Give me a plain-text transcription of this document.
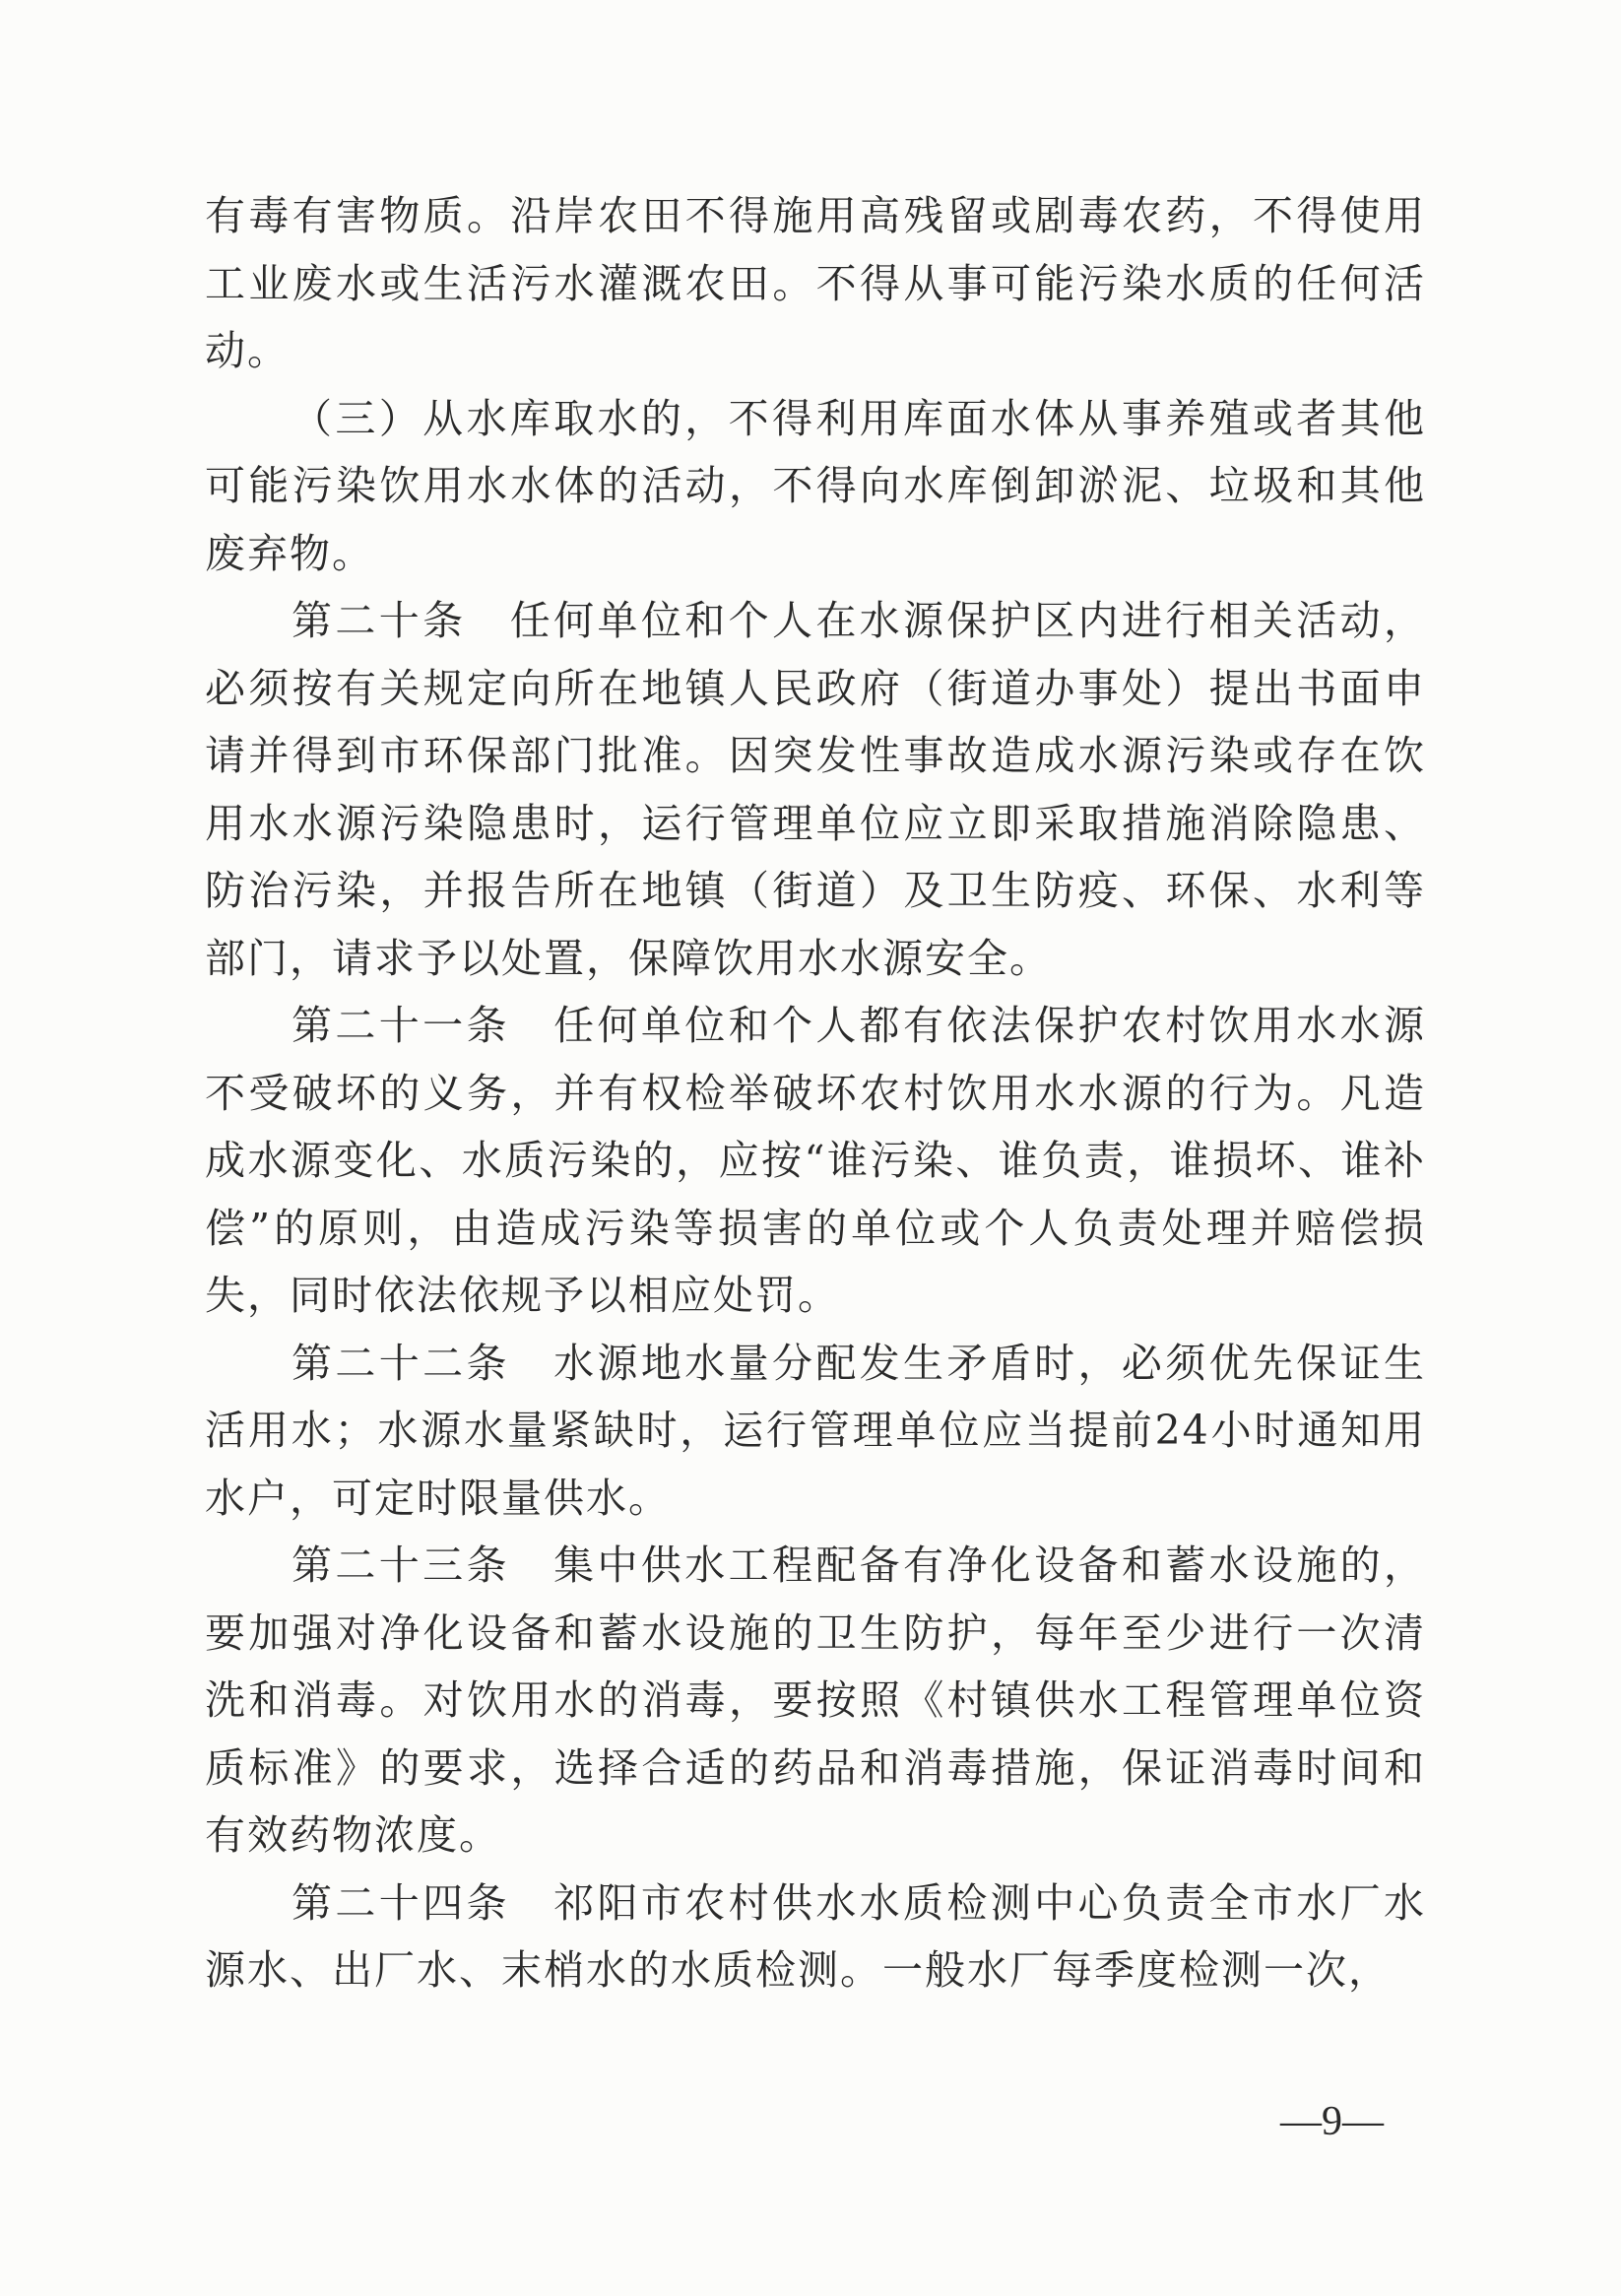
有毒有害物质。沿岸农田不得施用高残留或剧毒农药，不得使用工业废水或生活污水灌溉农田。不得从事可能污染水质的任何活动。

（三）从水库取水的，不得利用库面水体从事养殖或者其他可能污染饮用水水体的活动，不得向水库倒卸淤泥、垃圾和其他废弃物。

第二十条　任何单位和个人在水源保护区内进行相关活动，必须按有关规定向所在地镇人民政府（街道办事处）提出书面申请并得到市环保部门批准。因突发性事故造成水源污染或存在饮用水水源污染隐患时，运行管理单位应立即采取措施消除隐患、防治污染，并报告所在地镇（街道）及卫生防疫、环保、水利等部门，请求予以处置，保障饮用水水源安全。

第二十一条　任何单位和个人都有依法保护农村饮用水水源不受破坏的义务，并有权检举破坏农村饮用水水源的行为。凡造成水源变化、水质污染的，应按“谁污染、谁负责，谁损坏、谁补偿”的原则，由造成污染等损害的单位或个人负责处理并赔偿损失，同时依法依规予以相应处罚。

第二十二条　水源地水量分配发生矛盾时，必须优先保证生活用水；水源水量紧缺时，运行管理单位应当提前24小时通知用水户，可定时限量供水。

第二十三条　集中供水工程配备有净化设备和蓄水设施的，要加强对净化设备和蓄水设施的卫生防护，每年至少进行一次清洗和消毒。对饮用水的消毒，要按照《村镇供水工程管理单位资质标准》的要求，选择合适的药品和消毒措施，保证消毒时间和有效药物浓度。

第二十四条　祁阳市农村供水水质检测中心负责全市水厂水源水、出厂水、末梢水的水质检测。一般水厂每季度检测一次，

—9—
